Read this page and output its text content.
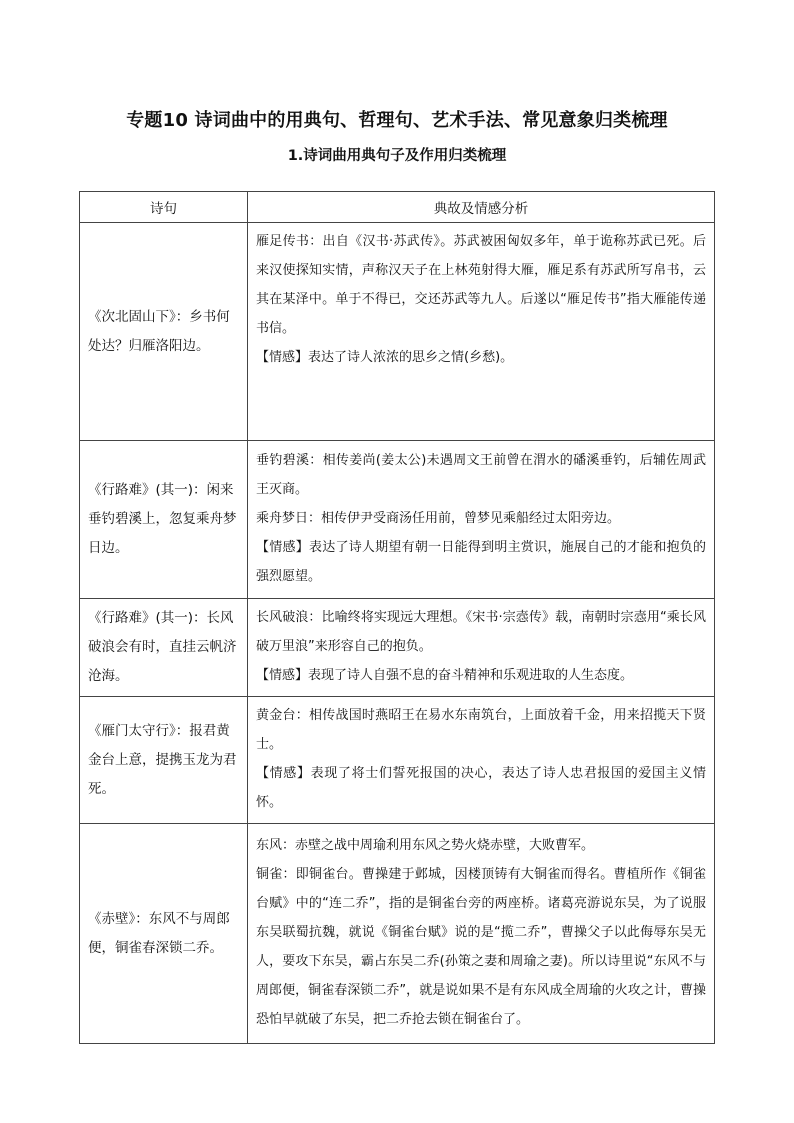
专题10 诗词曲中的用典句、哲理句、艺术手法、常见意象归类梳理
1.诗词曲用典句子及作用归类梳理
诗句	典故及情感分析
《次北固山下》：乡书何处达？归雁洛阳边。	雁足传书：出自《汉书·苏武传》。苏武被困匈奴多年，单于诡称苏武已死。后来汉使探知实情，声称汉天子在上林苑射得大雁，雁足系有苏武所写帛书，云其在某泽中。单于不得已，交还苏武等九人。后遂以“雁足传书”指大雁能传递书信。
【情感】表达了诗人浓浓的思乡之情(乡愁)。

《行路难》(其一)：闲来垂钓碧溪上，忽复乘舟梦日边。	垂钓碧溪：相传姜尚(姜太公)未遇周文王前曾在渭水的磻溪垂钓，后辅佐周武王灭商。
乘舟梦日：相传伊尹受商汤任用前，曾梦见乘船经过太阳旁边。
【情感】表达了诗人期望有朝一日能得到明主赏识，施展自己的才能和抱负的强烈愿望。

《行路难》(其一)：长风破浪会有时，直挂云帆济沧海。	长风破浪：比喻终将实现远大理想。《宋书·宗悫传》载，南朝时宗悫用“乘长风破万里浪”来形容自己的抱负。
【情感】表现了诗人自强不息的奋斗精神和乐观进取的人生态度。

《雁门太守行》：报君黄金台上意，提携玉龙为君死。	黄金台：相传战国时燕昭王在易水东南筑台，上面放着千金，用来招揽天下贤士。
【情感】表现了将士们誓死报国的决心，表达了诗人忠君报国的爱国主义情怀。

《赤壁》：东风不与周郎便，铜雀春深锁二乔。	东风：赤壁之战中周瑜利用东风之势火烧赤壁，大败曹军。
铜雀：即铜雀台。曹操建于邺城，因楼顶铸有大铜雀而得名。曹植所作《铜雀台赋》中的“连二乔”，指的是铜雀台旁的两座桥。诸葛亮游说东吴，为了说服东吴联蜀抗魏，就说《铜雀台赋》说的是“揽二乔”，曹操父子以此侮辱东吴无人，要攻下东吴，霸占东吴二乔(孙策之妻和周瑜之妻)。所以诗里说“东风不与周郎便，铜雀春深锁二乔”，就是说如果不是有东风成全周瑜的火攻之计，曹操恐怕早就破了东吴，把二乔抢去锁在铜雀台了。
